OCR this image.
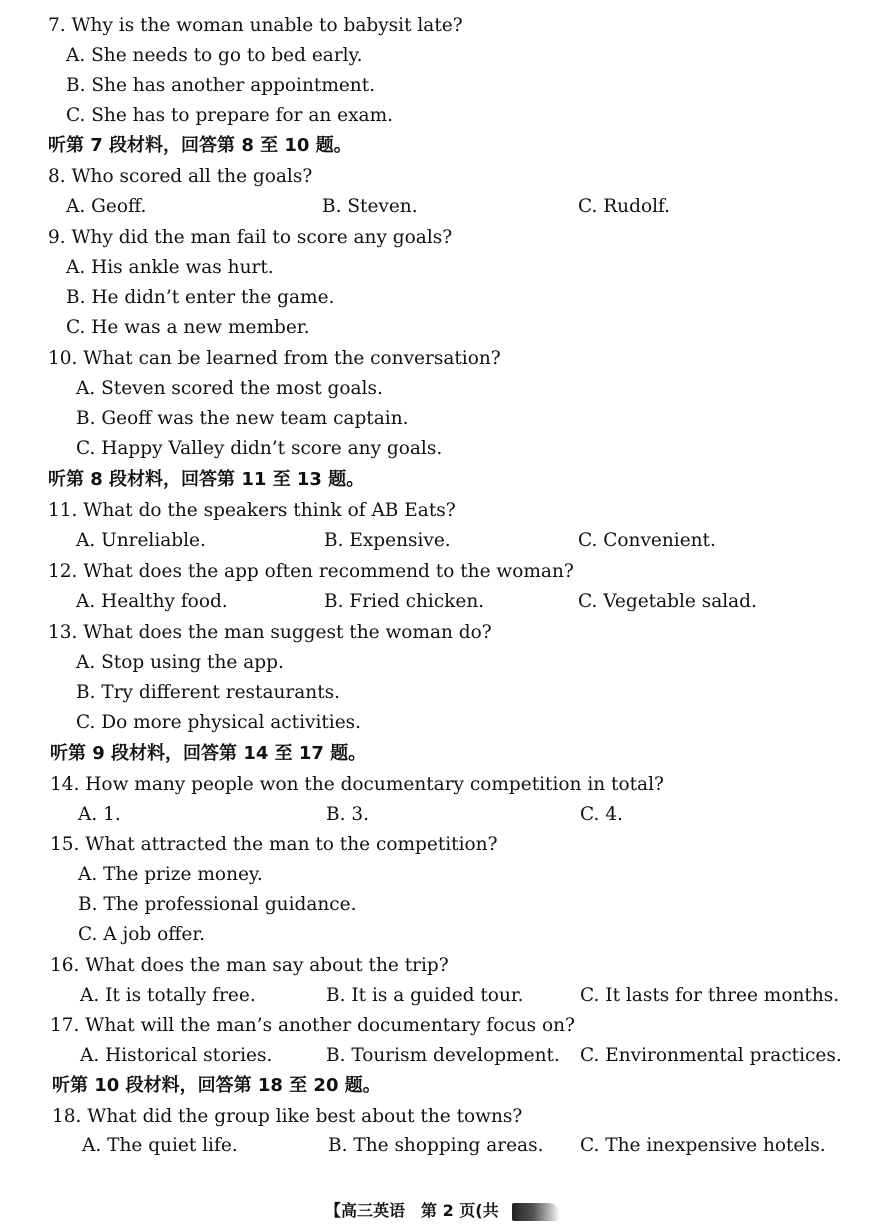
7. Why is the woman unable to babysit late?
A. She needs to go to bed early.
B. She has another appointment.
C. She has to prepare for an exam.
听第 7 段材料，回答第 8 至 10 题。
8. Who scored all the goals?
A. Geoff.	B. Steven.	C. Rudolf.
9. Why did the man fail to score any goals?
A. His ankle was hurt.
B. He didn’t enter the game.
C. He was a new member.
10. What can be learned from the conversation?
A. Steven scored the most goals.
B. Geoff was the new team captain.
C. Happy Valley didn’t score any goals.
听第 8 段材料，回答第 11 至 13 题。
11. What do the speakers think of AB Eats?
A. Unreliable.	B. Expensive.	C. Convenient.
12. What does the app often recommend to the woman?
A. Healthy food.	B. Fried chicken.	C. Vegetable salad.
13. What does the man suggest the woman do?
A. Stop using the app.
B. Try different restaurants.
C. Do more physical activities.
听第 9 段材料，回答第 14 至 17 题。
14. How many people won the documentary competition in total?
A. 1.	B. 3.	C. 4.
15. What attracted the man to the competition?
A. The prize money.
B. The professional guidance.
C. A job offer.
16. What does the man say about the trip?
A. It is totally free.	B. It is a guided tour.	C. It lasts for three months.
17. What will the man’s another documentary focus on?
A. Historical stories.	B. Tourism development. C. Environmental practices.
听第 10 段材料，回答第 18 至 20 题。
18. What did the group like best about the towns?
A. The quiet life.	B. The shopping areas. C. The inexpensive hotels.
【高三英语　第 2 页(共
